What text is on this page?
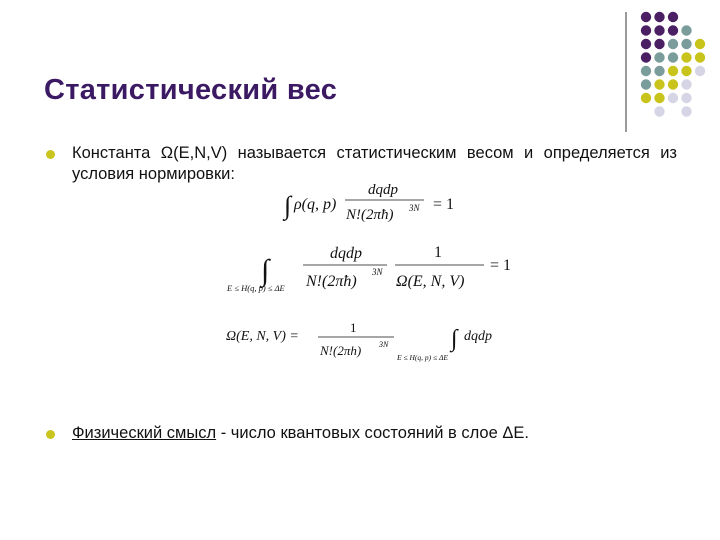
Статистический вес
Константа Ω(E,N,V) называется статистическим весом и определяется из условия нормировки:
∫ ρ(q, p)
dqdp
N!(2πħ) 3N = 1
∫
E ≤ H(q, p) ≤ ΔE
dqdp
N!(2πħ)
3N
1
Ω(E, N, V)
= 1
Ω(E, N, V) =
1
N!(2πh) 3N	∫
E ≤ H(q, p) ≤ ΔE
dqdp
Физический смысл - число квантовых состояний в слое ΔE.
